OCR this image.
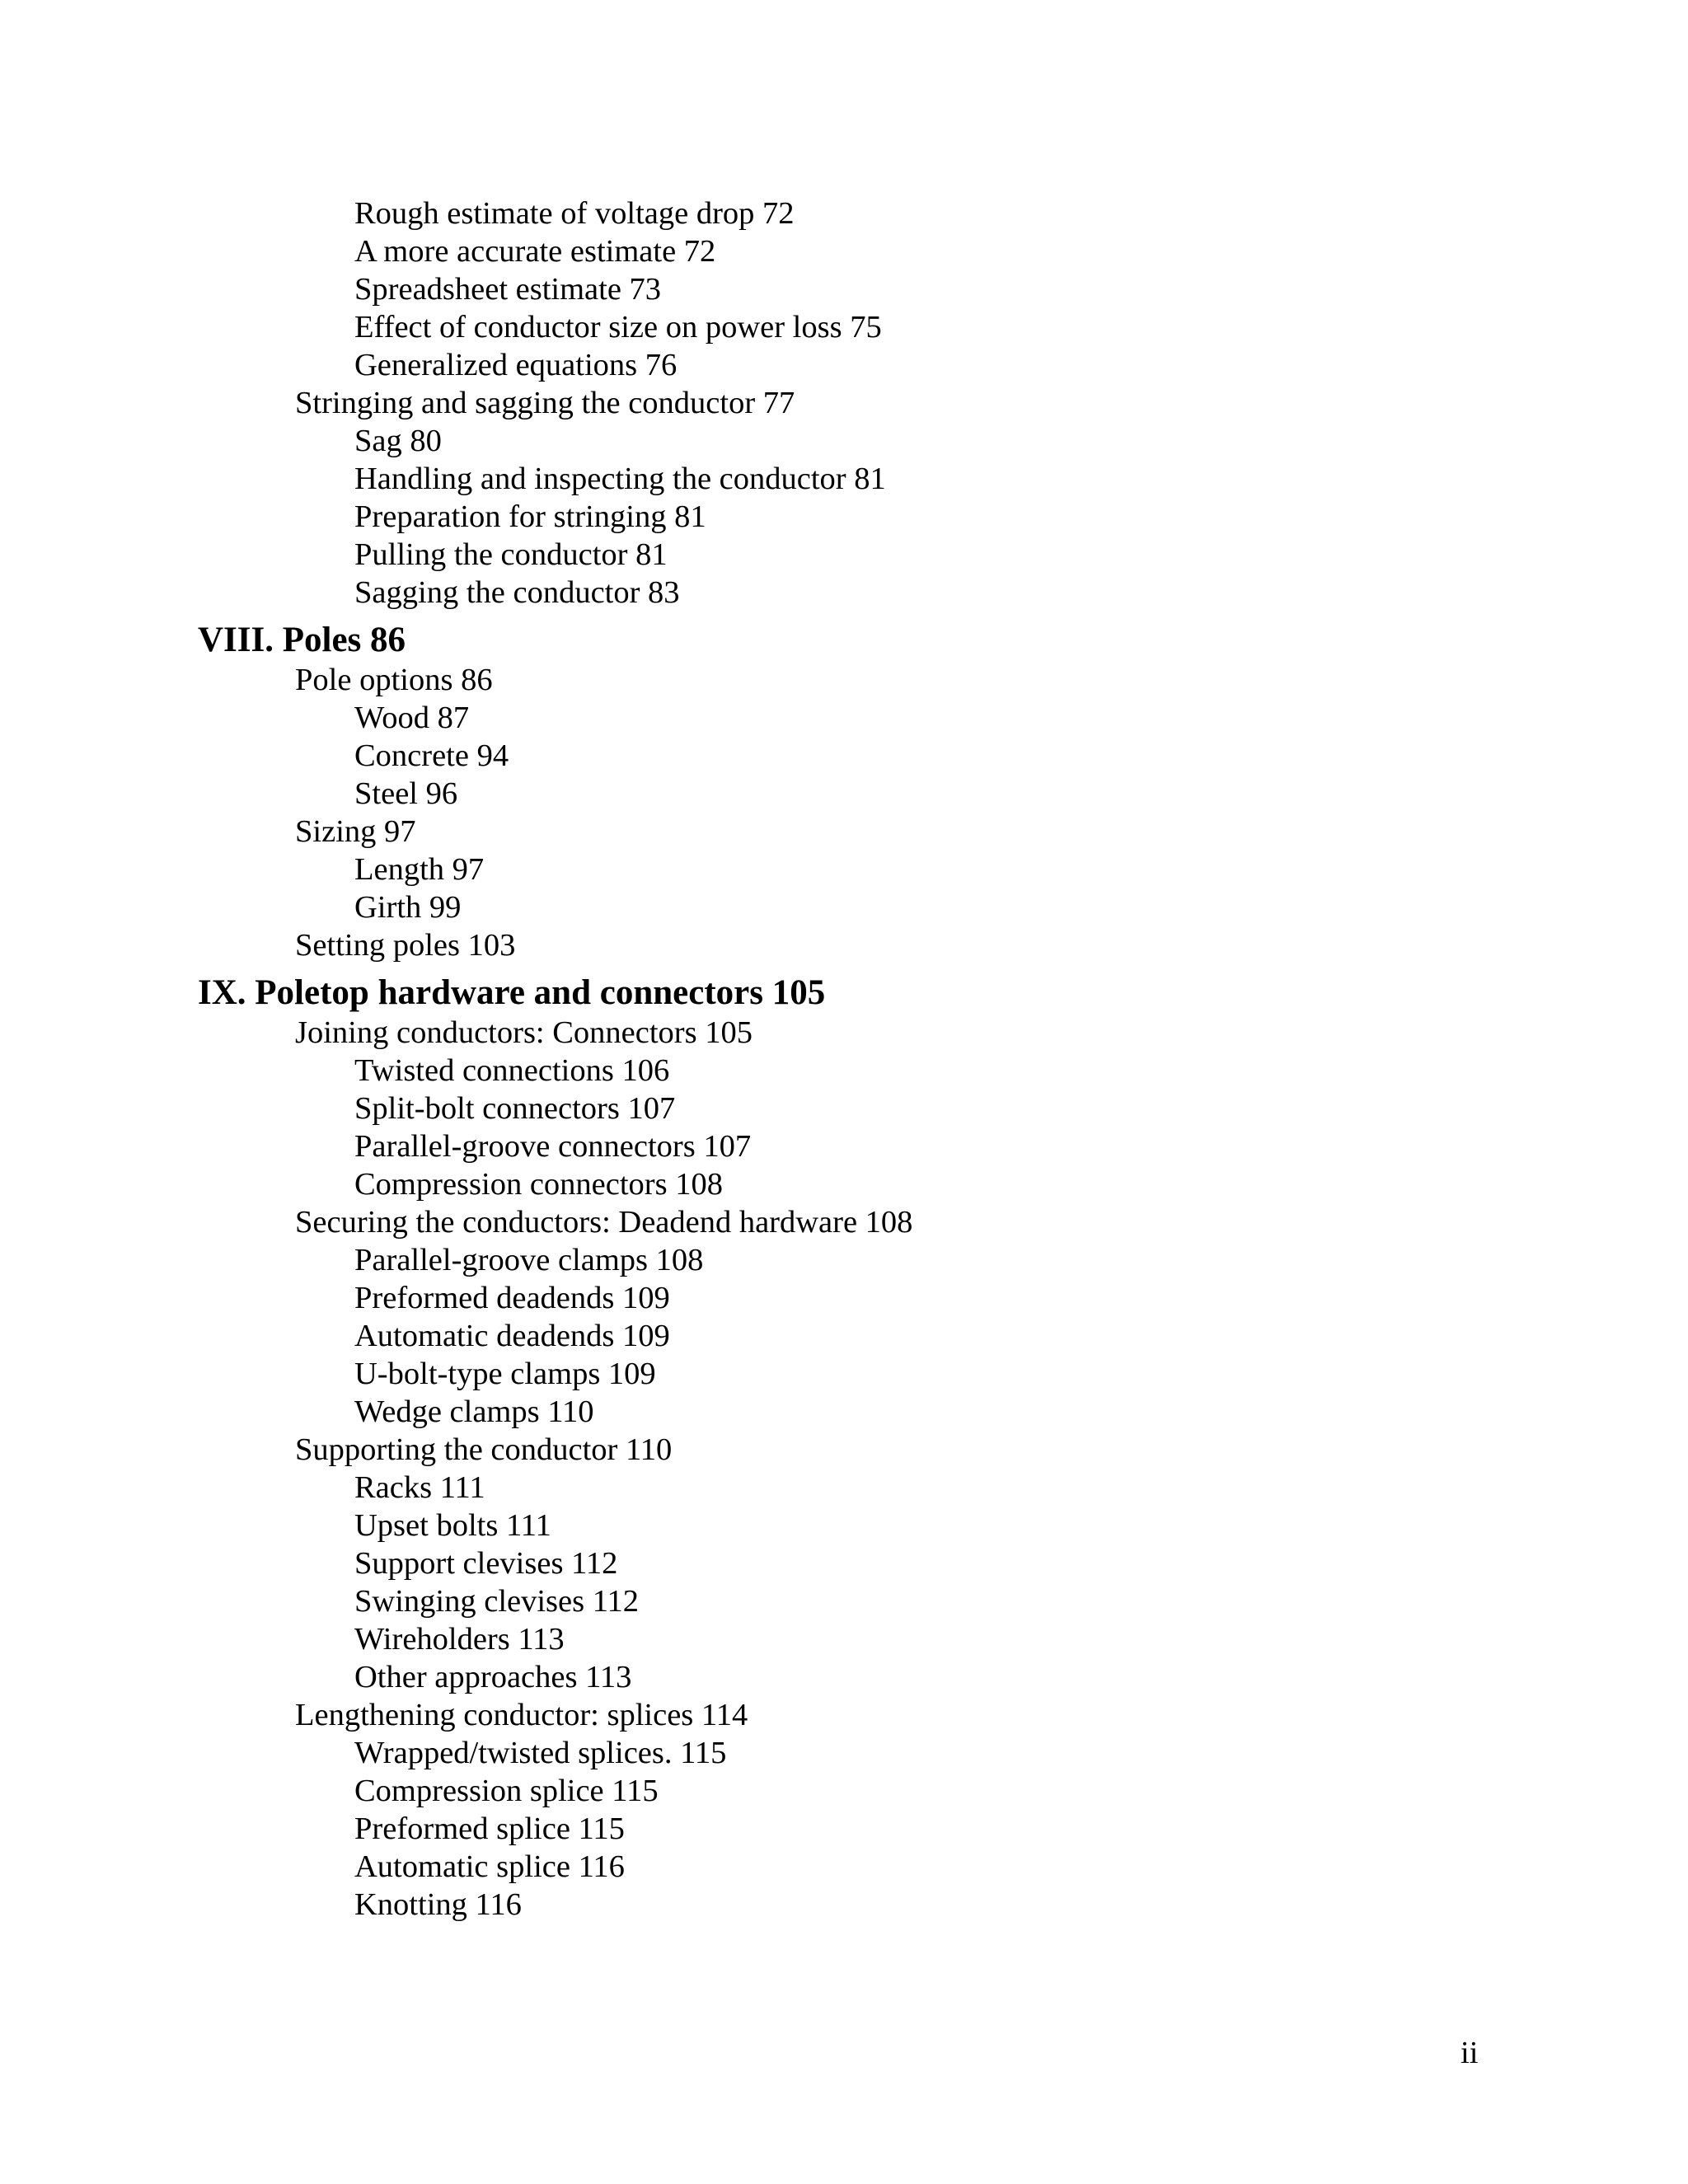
Rough estimate of voltage drop 72
A more accurate estimate 72
Spreadsheet estimate 73
Effect of conductor size on power loss 75
Generalized equations 76
Stringing and sagging the conductor 77
Sag 80
Handling and inspecting the conductor 81
Preparation for stringing 81
Pulling the conductor 81
Sagging the conductor 83
VIII. Poles 86
Pole options 86
Wood 87
Concrete 94
Steel 96
Sizing 97
Length 97
Girth 99
Setting poles 103
IX. Poletop hardware and connectors 105
Joining conductors: Connectors 105
Twisted connections 106
Split-bolt connectors 107
Parallel-groove connectors 107
Compression connectors 108
Securing the conductors: Deadend hardware 108
Parallel-groove clamps 108
Preformed deadends 109
Automatic deadends 109
U-bolt-type clamps 109
Wedge clamps 110
Supporting the conductor 110
Racks 111
Upset bolts 111
Support clevises 112
Swinging clevises 112
Wireholders 113
Other approaches 113
Lengthening conductor: splices 114
Wrapped/twisted splices. 115
Compression splice 115
Preformed splice 115
Automatic splice 116
Knotting 116
ii
